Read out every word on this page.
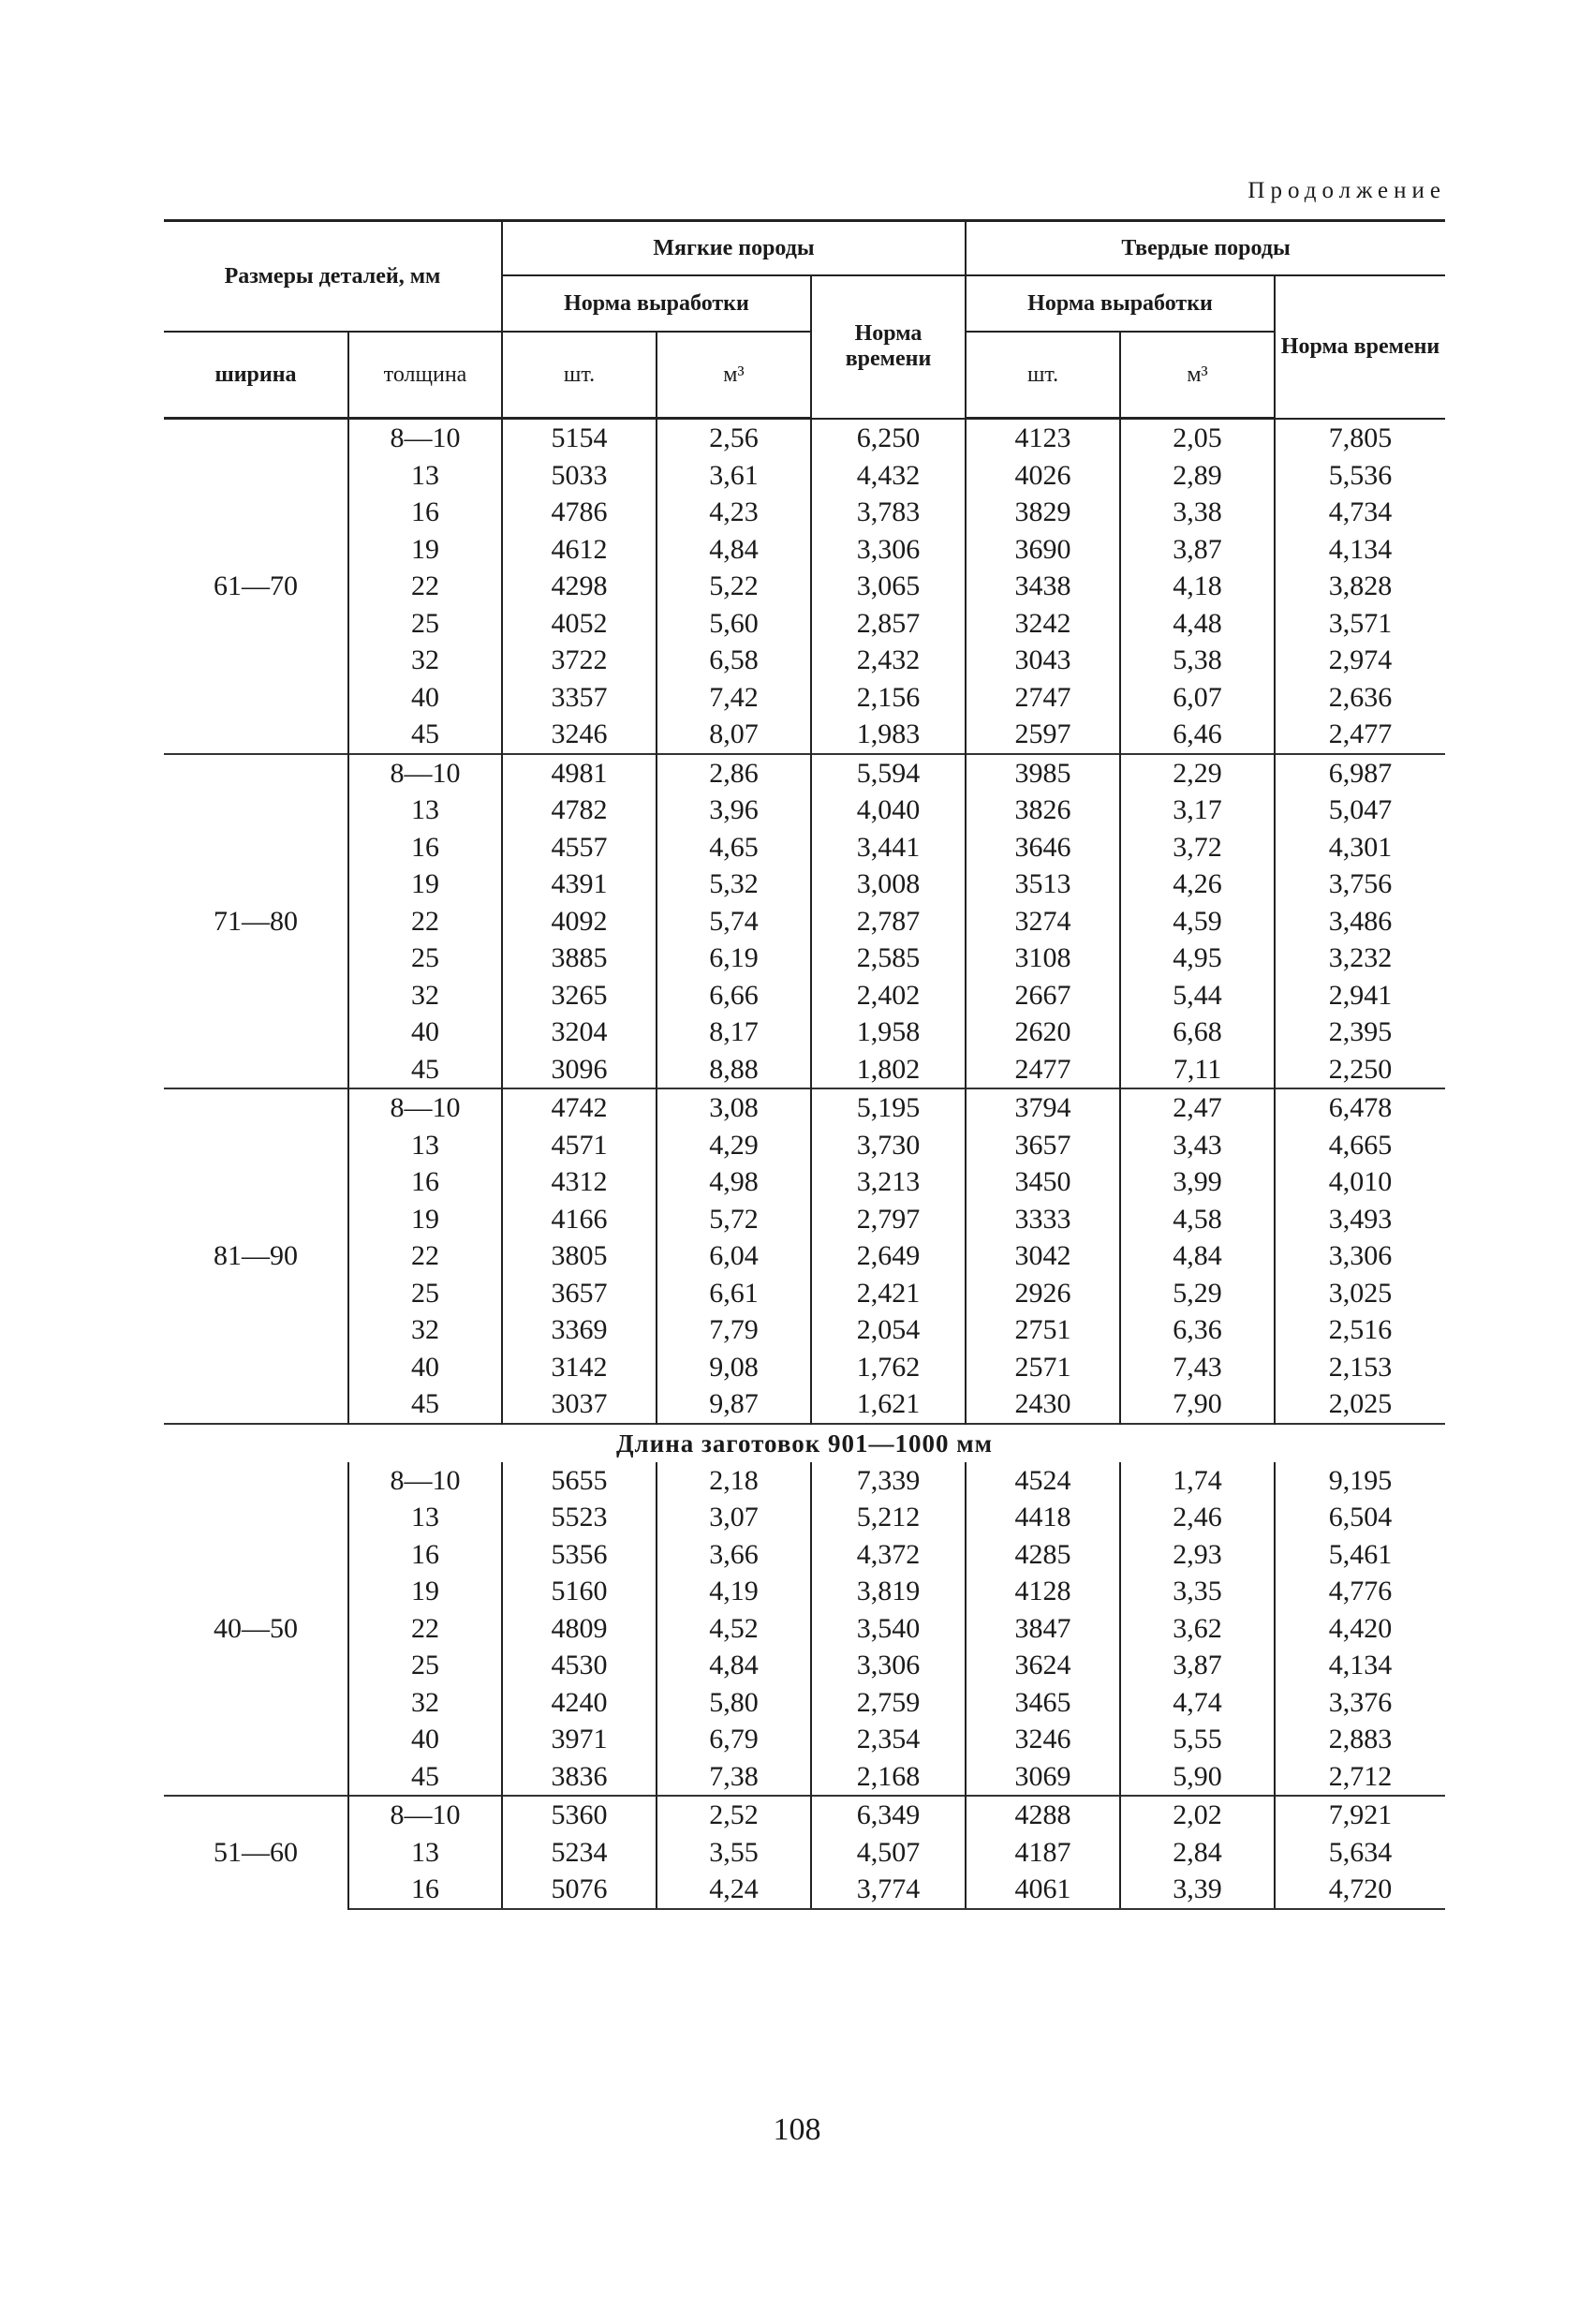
Продолжение
Размеры деталей, мм		Мягкие породы			Твердые породы		
		Норма выработки		Норма времени	Норма выработки		Норма времени
ширина	толщина	шт.	м³		шт.	м³	
61—70	8—10	5154	2,56	6,250	4123	2,05	7,805
	13	5033	3,61	4,432	4026	2,89	5,536
	16	4786	4,23	3,783	3829	3,38	4,734
	19	4612	4,84	3,306	3690	3,87	4,134
	22	4298	5,22	3,065	3438	4,18	3,828
	25	4052	5,60	2,857	3242	4,48	3,571
	32	3722	6,58	2,432	3043	5,38	2,974
	40	3357	7,42	2,156	2747	6,07	2,636
	45	3246	8,07	1,983	2597	6,46	2,477
71—80	8—10	4981	2,86	5,594	3985	2,29	6,987
	13	4782	3,96	4,040	3826	3,17	5,047
	16	4557	4,65	3,441	3646	3,72	4,301
	19	4391	5,32	3,008	3513	4,26	3,756
	22	4092	5,74	2,787	3274	4,59	3,486
	25	3885	6,19	2,585	3108	4,95	3,232
	32	3265	6,66	2,402	2667	5,44	2,941
	40	3204	8,17	1,958	2620	6,68	2,395
	45	3096	8,88	1,802	2477	7,11	2,250
81—90	8—10	4742	3,08	5,195	3794	2,47	6,478
	13	4571	4,29	3,730	3657	3,43	4,665
	16	4312	4,98	3,213	3450	3,99	4,010
	19	4166	5,72	2,797	3333	4,58	3,493
	22	3805	6,04	2,649	3042	4,84	3,306
	25	3657	6,61	2,421	2926	5,29	3,025
	32	3369	7,79	2,054	2751	6,36	2,516
	40	3142	9,08	1,762	2571	7,43	2,153
	45	3037	9,87	1,621	2430	7,90	2,025
Длина заготовок 901—1000 мм							
40—50	8—10	5655	2,18	7,339	4524	1,74	9,195
	13	5523	3,07	5,212	4418	2,46	6,504
	16	5356	3,66	4,372	4285	2,93	5,461
	19	5160	4,19	3,819	4128	3,35	4,776
	22	4809	4,52	3,540	3847	3,62	4,420
	25	4530	4,84	3,306	3624	3,87	4,134
	32	4240	5,80	2,759	3465	4,74	3,376
	40	3971	6,79	2,354	3246	5,55	2,883
	45	3836	7,38	2,168	3069	5,90	2,712
51—60	8—10	5360	2,52	6,349	4288	2,02	7,921
	13	5234	3,55	4,507	4187	2,84	5,634
	16	5076	4,24	3,774	4061	3,39	4,720
108
